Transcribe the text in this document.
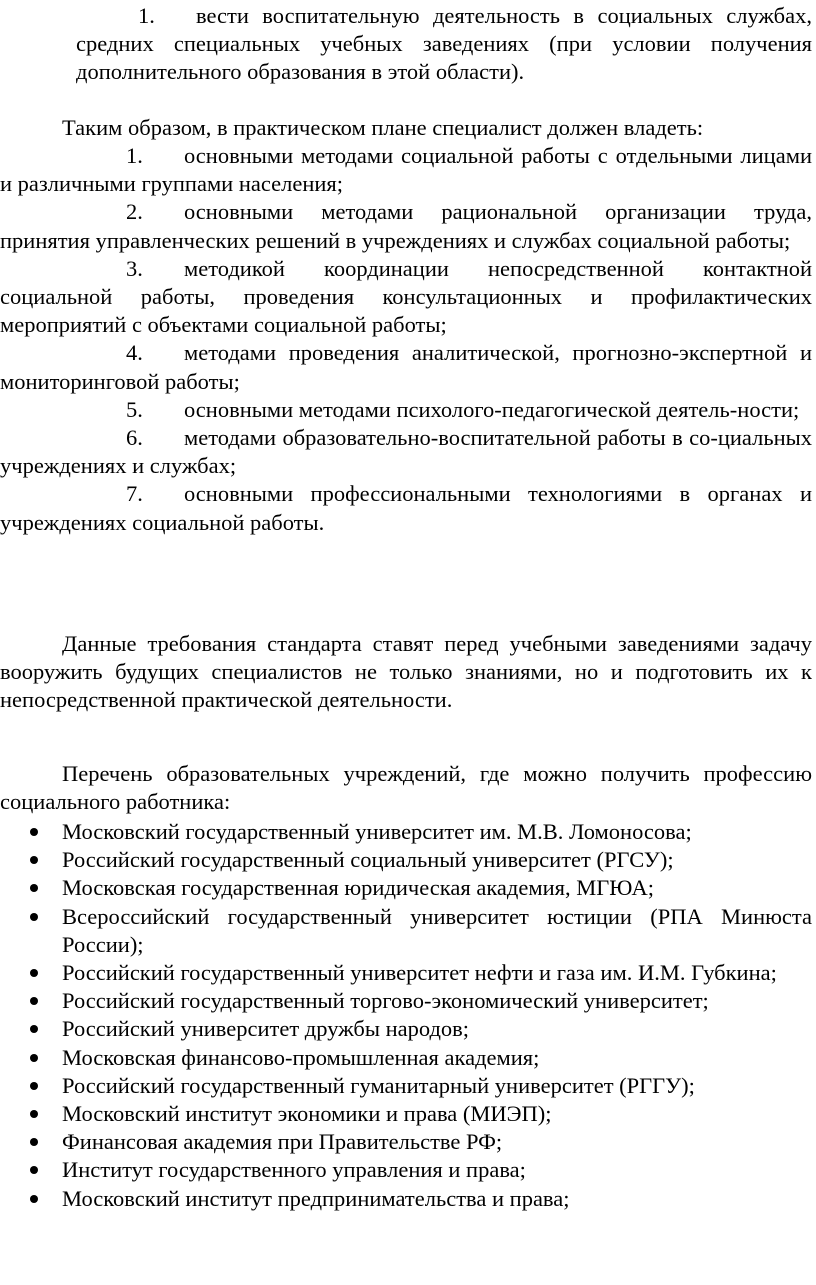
1. вести воспитательную деятельность в социальных службах, средних специальных учебных заведениях (при условии получения дополнительного образования в этой области).

Таким образом, в практическом плане специалист должен владеть:

1. основными методами социальной работы с отдельными лицами и различными группами населения;

2. основными методами рациональной организации труда, принятия управленческих решений в учреждениях и службах социальной работы;

3. методикой координации непосредственной контактной социальной работы, проведения консультационных и профилактических мероприятий с объектами социальной работы;

4. методами проведения аналитической, прогнозно-экспертной и мониторинговой работы;

5. основными методами психолого-педагогической деятель-ности;

6. методами образовательно-воспитательной работы в со-циальных учреждениях и службах;

7. основными профессиональными технологиями в органах и учреждениях социальной работы.

Данные требования стандарта ставят перед учебными заведениями задачу вооружить будущих специалистов не только знаниями, но и подготовить их к непосредственной практической деятельности.

Перечень образовательных учреждений, где можно получить профессию социального работника:

Московский государственный университет им. М.В. Ломоносова;
Российский государственный социальный университет (РГСУ);
Московская государственная юридическая академия, МГЮА;
Всероссийский государственный университет юстиции (РПА Минюста России);
Российский государственный университет нефти и газа им. И.М. Губкина;
Российский государственный торгово-экономический университет;
Российский университет дружбы народов;
Московская финансово-промышленная академия;
Российский государственный гуманитарный университет (РГГУ);
Московский институт экономики и права (МИЭП);
Финансовая академия при Правительстве РФ;
Институт государственного управления и права;
Московский институт предпринимательства и права;
